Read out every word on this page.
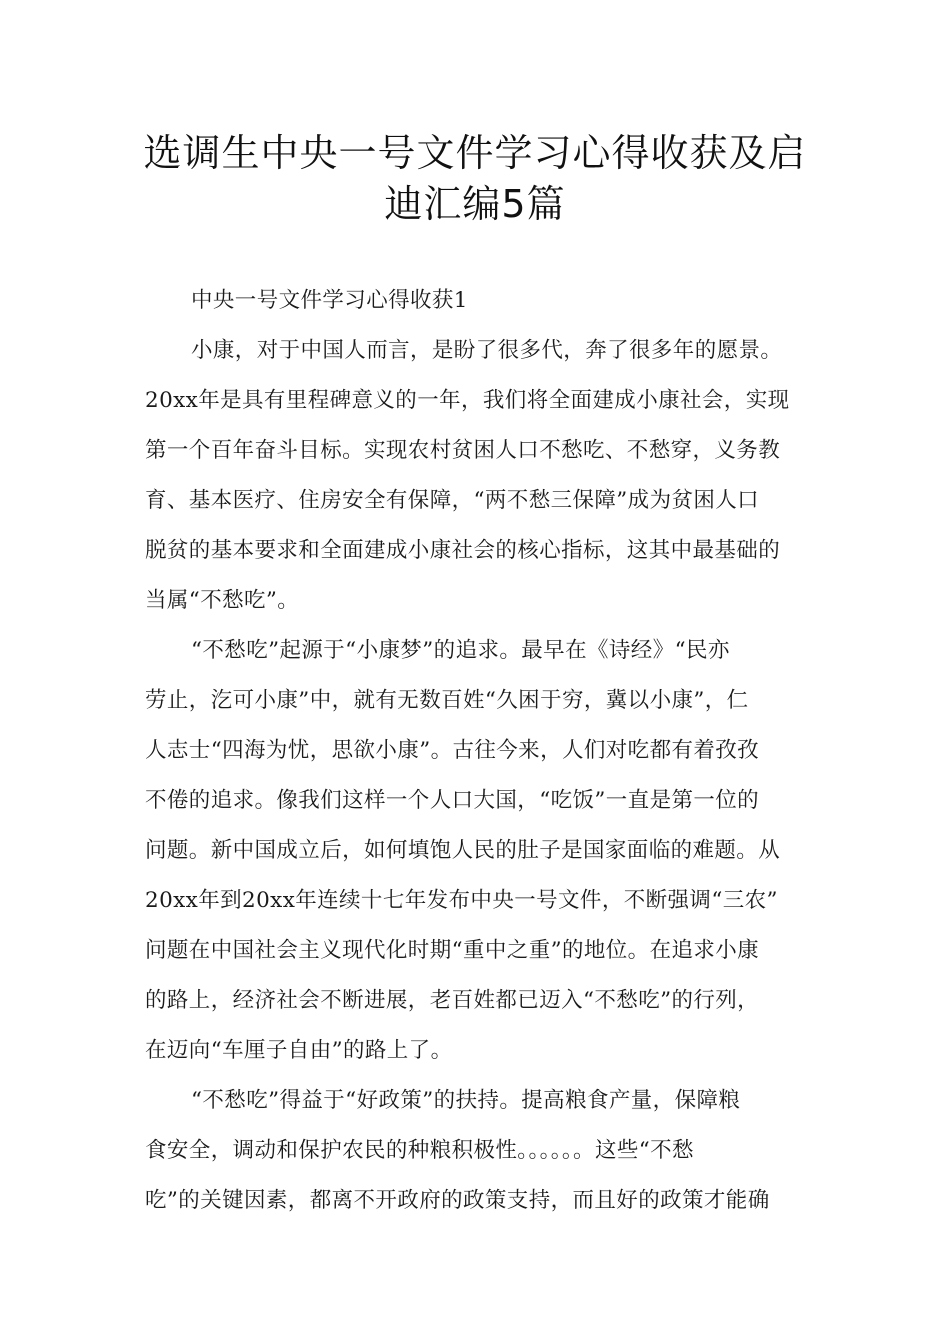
选调生中央一号文件学习心得收获及启
迪汇编5篇
中央一号文件学习心得收获1
小康，对于中国人而言，是盼了很多代，奔了很多年的愿景。
20xx年是具有里程碑意义的一年，我们将全面建成小康社会，实现
第一个百年奋斗目标。实现农村贫困人口不愁吃、不愁穿，义务教
育、基本医疗、住房安全有保障，“两不愁三保障”成为贫困人口
脱贫的基本要求和全面建成小康社会的核心指标，这其中最基础的
当属“不愁吃”。
“不愁吃”起源于“小康梦”的追求。最早在《诗经》“民亦
劳止，汔可小康”中，就有无数百姓“久困于穷，冀以小康”，仁
人志士“四海为忧，思欲小康”。古往今来，人们对吃都有着孜孜
不倦的追求。像我们这样一个人口大国，“吃饭”一直是第一位的
问题。新中国成立后，如何填饱人民的肚子是国家面临的难题。从
20xx年到20xx年连续十七年发布中央一号文件，不断强调“三农”
问题在中国社会主义现代化时期“重中之重”的地位。在追求小康
的路上，经济社会不断进展，老百姓都已迈入“不愁吃”的行列，
在迈向“车厘子自由”的路上了。
“不愁吃”得益于“好政策”的扶持。提高粮食产量，保障粮
食安全，调动和保护农民的种粮积极性。。。。。。这些“不愁
吃”的关键因素，都离不开政府的政策支持，而且好的政策才能确
